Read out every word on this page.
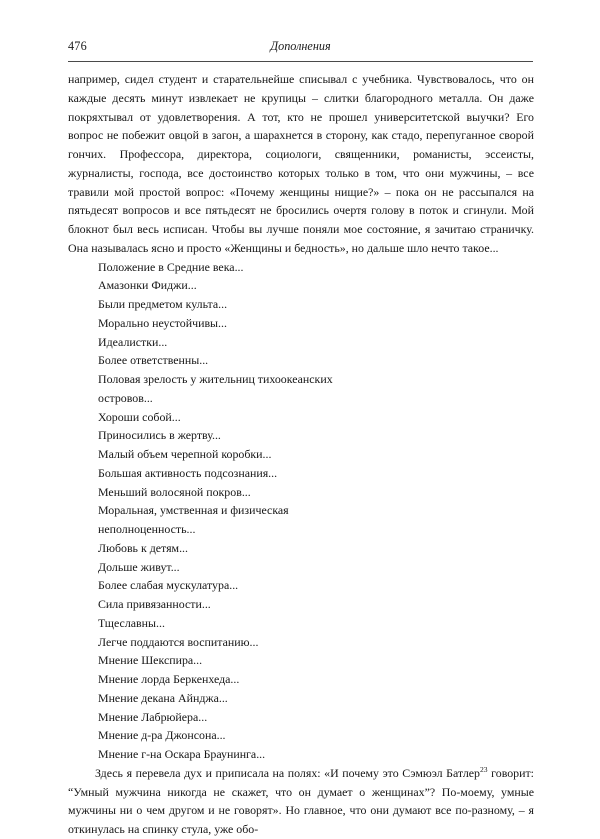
476	Дополнения

например, сидел студент и старательнейше списывал с учебника. Чувствовалось, что он каждые десять минут извлекает не крупицы – слитки благородного металла. Он даже покряхтывал от удовлетворения. А тот, кто не прошел университетской выучки? Его вопрос не побежит овцой в загон, а шарахнется в сторону, как стадо, перепуганное сворой гончих. Профессора, директора, социологи, священники, романисты, эссеисты, журналисты, господа, все достоинство которых только в том, что они мужчины, – все травили мой простой вопрос: «Почему женщины нищие?» – пока он не рассыпался на пятьдесят вопросов и все пятьдесят не бросились очертя голову в поток и сгинули. Мой блокнот был весь исписан. Чтобы вы лучше поняли мое состояние, я зачитаю страничку. Она называлась ясно и просто «Женщины и бедность», но дальше шло нечто такое...

Положение в Средние века...
Амазонки Фиджи...
Были предметом культа...
Морально неустойчивы...
Идеалистки...
Более ответственны...
Половая зрелость у жительниц тихоокеанских
островов...
Хороши собой...
Приносились в жертву...
Малый объем черепной коробки...
Большая активность подсознания...
Меньший волосяной покров...
Моральная, умственная и физическая
неполноценность...
Любовь к детям...
Дольше живут...
Более слабая мускулатура...
Сила привязанности...
Тщеславны...
Легче поддаются воспитанию...
Мнение Шекспира...
Мнение лорда Беркенхеда...
Мнение декана Айнджа...
Мнение Лабрюйера...
Мнение д-ра Джонсона...
Мнение г-на Оскара Браунинга...

Здесь я перевела дух и приписала на полях: «И почему это Сэмюэл Батлер$^{23}$ говорит: “Умный мужчина никогда не скажет, что он думает о женщинах”? По-моему, умные мужчины ни о чем другом и не говорят». Но главное, что они думают все по-разному, – я откинулась на спинку стула, уже обо-
